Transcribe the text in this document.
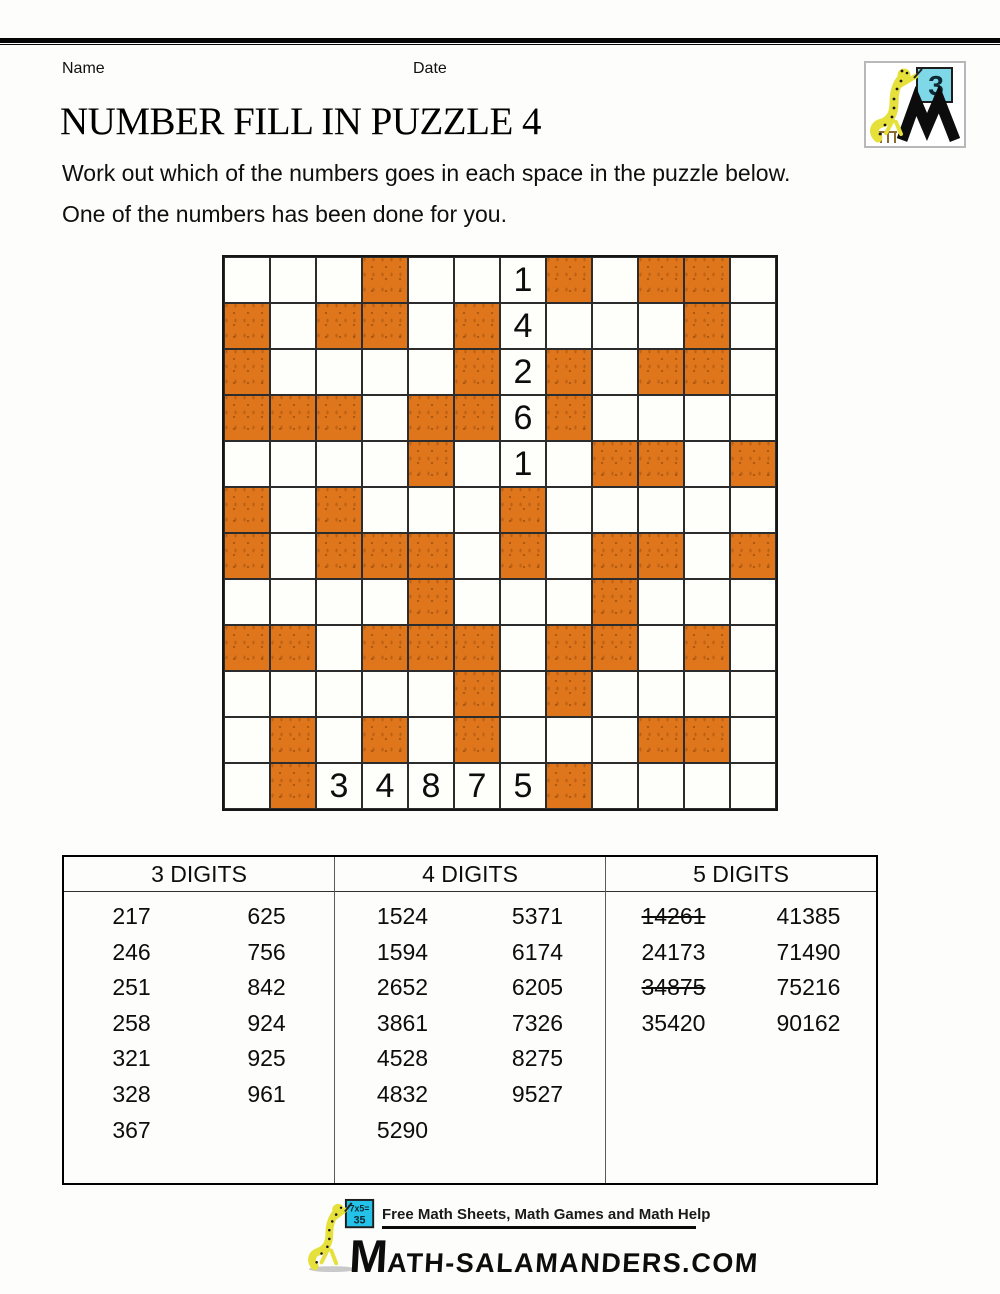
Name	Date
3
NUMBER FILL IN PUZZLE 4
Work out which of the numbers goes in each space in the puzzle below.
One of the numbers has been done for you.
1
4
2
6
1
3 4 8 7 5
3 DIGITS
217
246
251
258
321
328
367
625
756
842
924
925
961
4 DIGITS
1524
1594
2652
3861
4528
4832
5290
5371
6174
6205
7326
8275
9527
5 DIGITS
14261
24173
34875
35420
41385
71490
75216
90162
7x5=
35 Free Math Sheets, Math Games and Math Help
MATH-SALAMANDERS.COM
